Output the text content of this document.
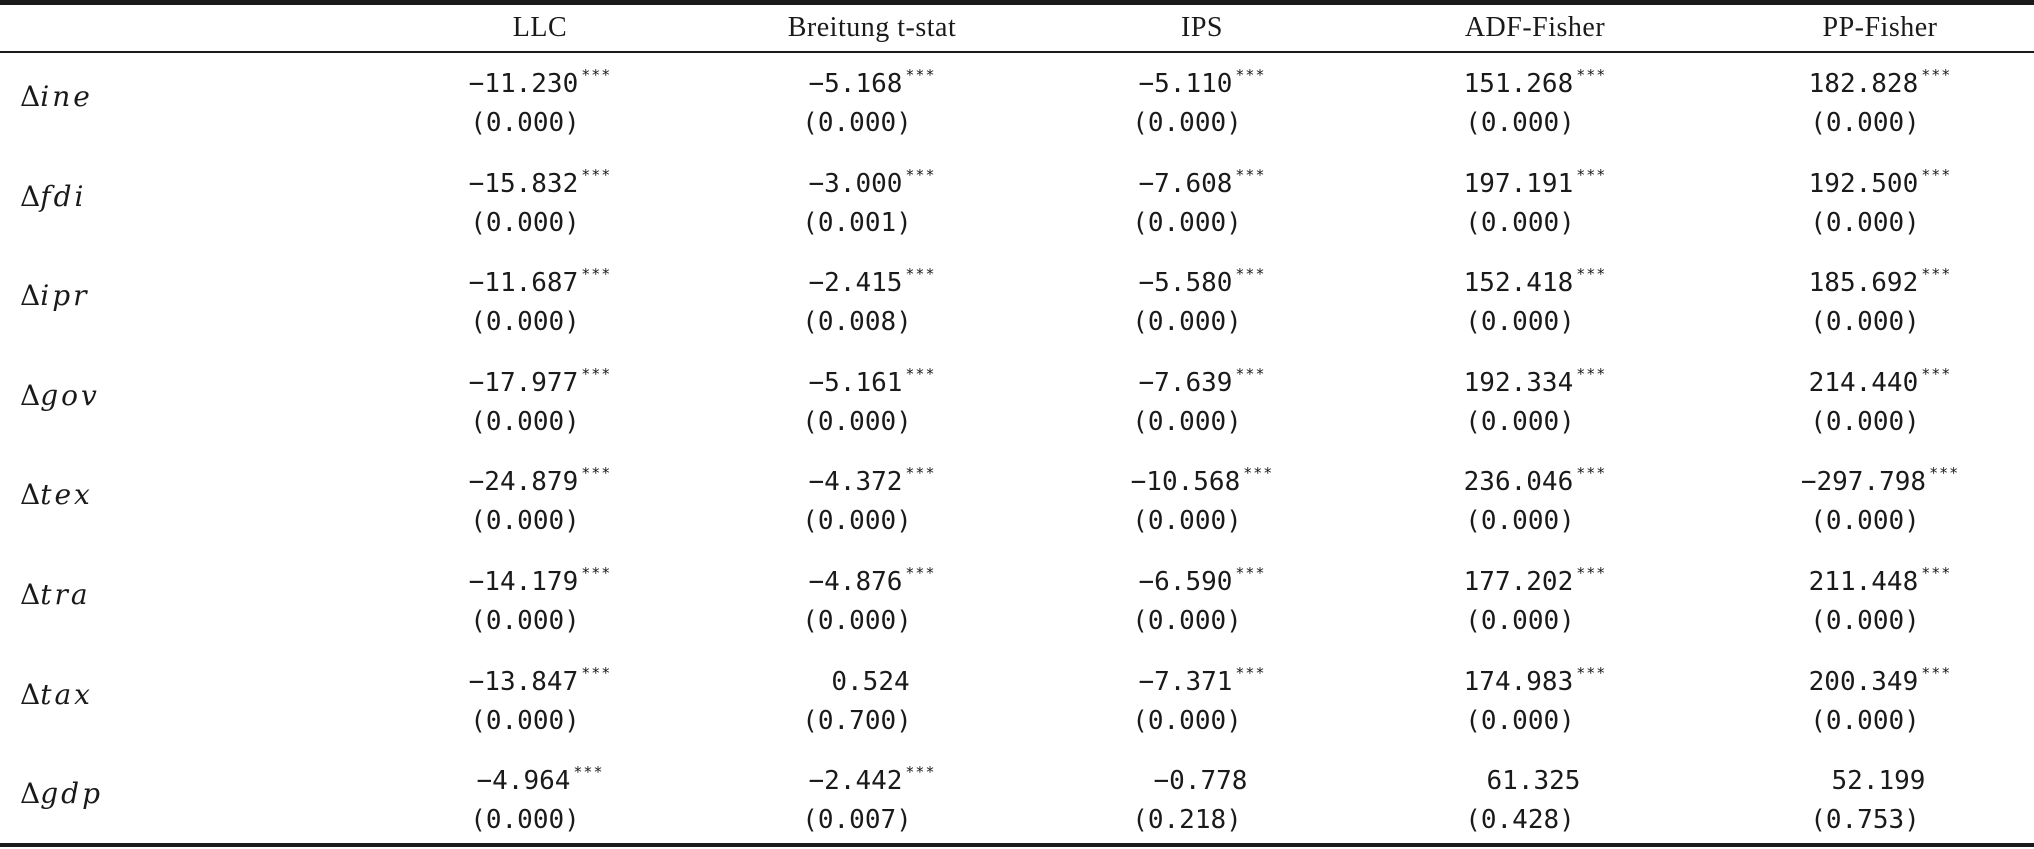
LLC	Breitung t-stat	IPS	ADF-Fisher	PP-Fisher
Δine	−11.230 ***	−5.168 ***	−5.110 ***	151.268 ***	182.828 ***
(0.000)	(0.000)	(0.000)	(0.000)	(0.000)
Δfdi	−15.832 ***	−3.000 ***	−7.608 ***	197.191 ***	192.500 ***
(0.000)	(0.001)	(0.000)	(0.000)	(0.000)
Δipr	−11.687 ***	−2.415 ***	−5.580 ***	152.418 ***	185.692 ***
(0.000)	(0.008)	(0.000)	(0.000)	(0.000)
Δgov	−17.977 ***	−5.161 ***	−7.639 ***	192.334 ***	214.440 ***
(0.000)	(0.000)	(0.000)	(0.000)	(0.000)
Δtex	−24.879 ***	−4.372 ***	−10.568 ***	236.046 ***	−297.798 ***
(0.000)	(0.000)	(0.000)	(0.000)	(0.000)
Δtra	−14.179 ***	−4.876 ***	−6.590 ***	177.202 ***	211.448 ***
(0.000)	(0.000)	(0.000)	(0.000)	(0.000)
Δtax	−13.847 ***	0.524	−7.371 ***	174.983 ***	200.349 ***
(0.000)	(0.700)	(0.000)	(0.000)	(0.000)
Δgdp	−4.964 ***	−2.442 ***	−0.778	61.325	52.199
(0.000)	(0.007)	(0.218)	(0.428)	(0.753)
